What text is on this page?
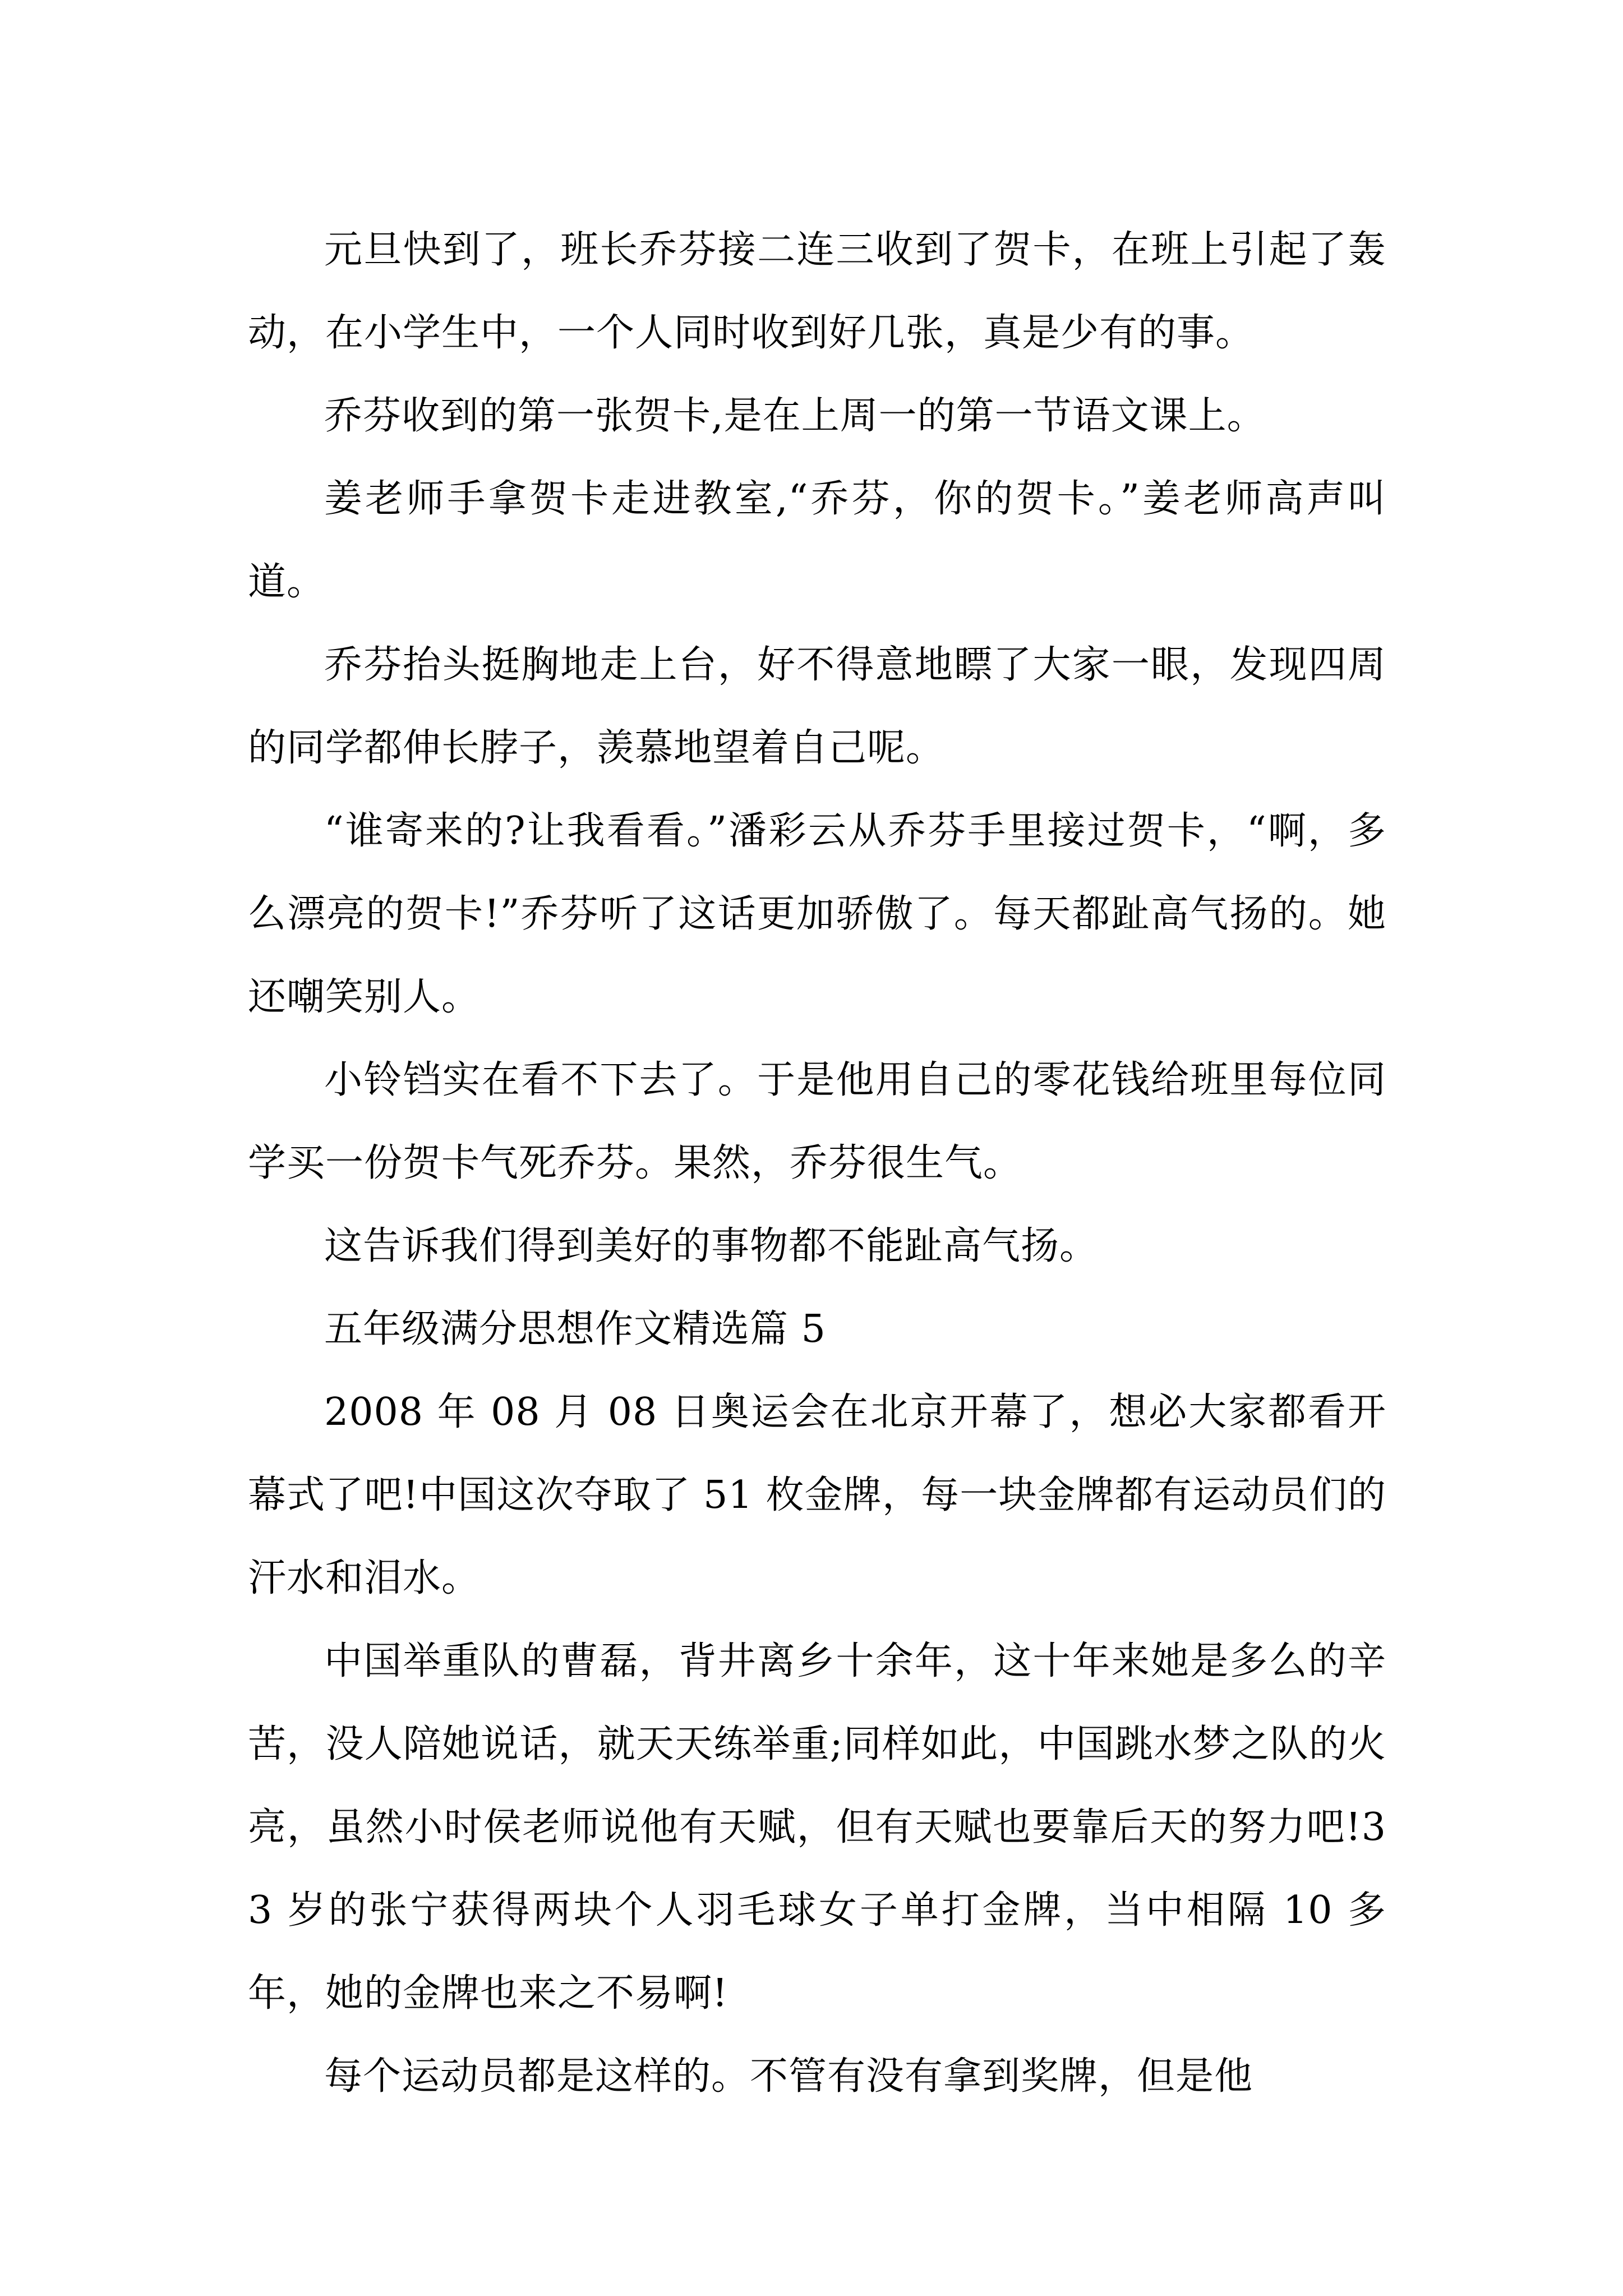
元旦快到了，班长乔芬接二连三收到了贺卡，在班上引起了轰动，在小学生中，一个人同时收到好几张，真是少有的事。

乔芬收到的第一张贺卡,是在上周一的第一节语文课上。

姜老师手拿贺卡走进教室,“乔芬，你的贺卡。”姜老师高声叫道。

乔芬抬头挺胸地走上台，好不得意地瞟了大家一眼，发现四周的同学都伸长脖子，羡慕地望着自己呢。

“谁寄来的?让我看看。”潘彩云从乔芬手里接过贺卡，“啊，多么漂亮的贺卡!”乔芬听了这话更加骄傲了。每天都趾高气扬的。她还嘲笑别人。

小铃铛实在看不下去了。于是他用自己的零花钱给班里每位同学买一份贺卡气死乔芬。果然，乔芬很生气。

这告诉我们得到美好的事物都不能趾高气扬。

五年级满分思想作文精选篇 5

2008 年 08 月 08 日奥运会在北京开幕了，想必大家都看开幕式了吧!中国这次夺取了 51 枚金牌，每一块金牌都有运动员们的汗水和泪水。

中国举重队的曹磊，背井离乡十余年，这十年来她是多么的辛苦，没人陪她说话，就天天练举重;同样如此，中国跳水梦之队的火亮，虽然小时侯老师说他有天赋，但有天赋也要靠后天的努力吧!33 岁的张宁获得两块个人羽毛球女子单打金牌，当中相隔 10 多年，她的金牌也来之不易啊!

每个运动员都是这样的。不管有没有拿到奖牌，但是他
